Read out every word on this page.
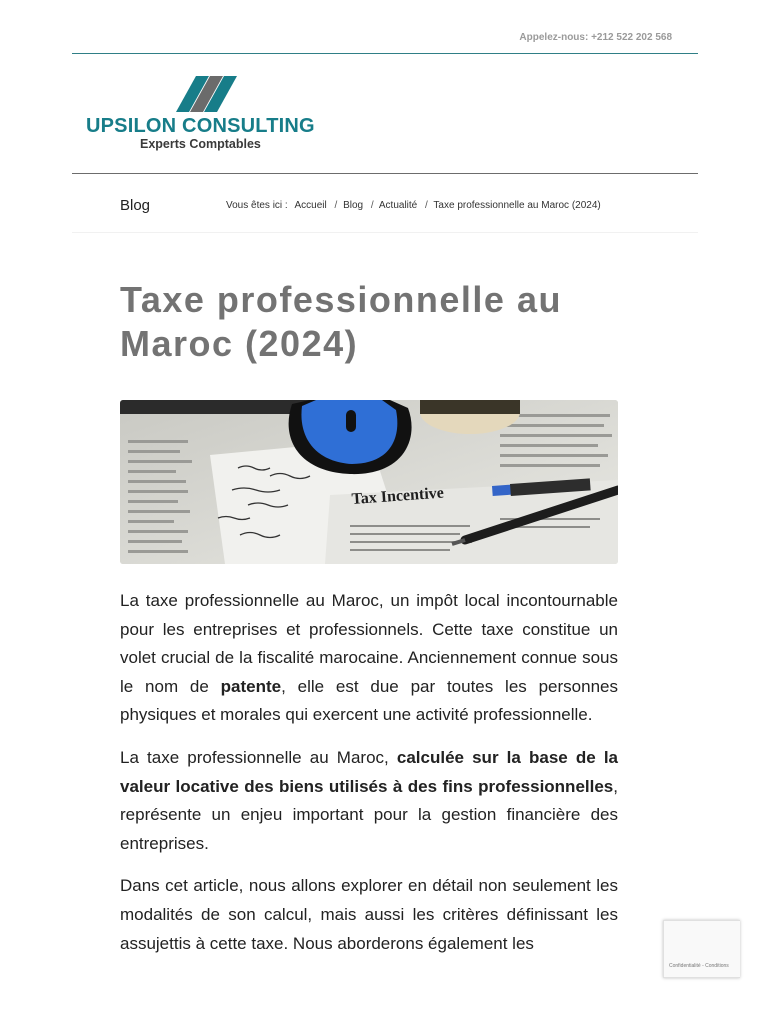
Appelez-nous: +212 522 202 568
UPSILON CONSULTING
Experts Comptables
Blog	Vous êtes ici : Accueil / Blog / Actualité / Taxe professionnelle au Maroc (2024)
Taxe professionnelle au Maroc (2024)
Tax Incentive

La taxe professionnelle au Maroc, un impôt local incontournable pour les entreprises et professionnels. Cette taxe constitue un volet crucial de la fiscalité marocaine. Anciennement connue sous le nom de patente, elle est due par toutes les personnes physiques et morales qui exercent une activité professionnelle.

La taxe professionnelle au Maroc, calculée sur la base de la valeur locative des biens utilisés à des fins professionnelles, représente un enjeu important pour la gestion financière des entreprises.

Dans cet article, nous allons explorer en détail non seulement les modalités de son calcul, mais aussi les critères définissant les assujettis à cette taxe. Nous aborderons également les

Confidentialité - Conditions
